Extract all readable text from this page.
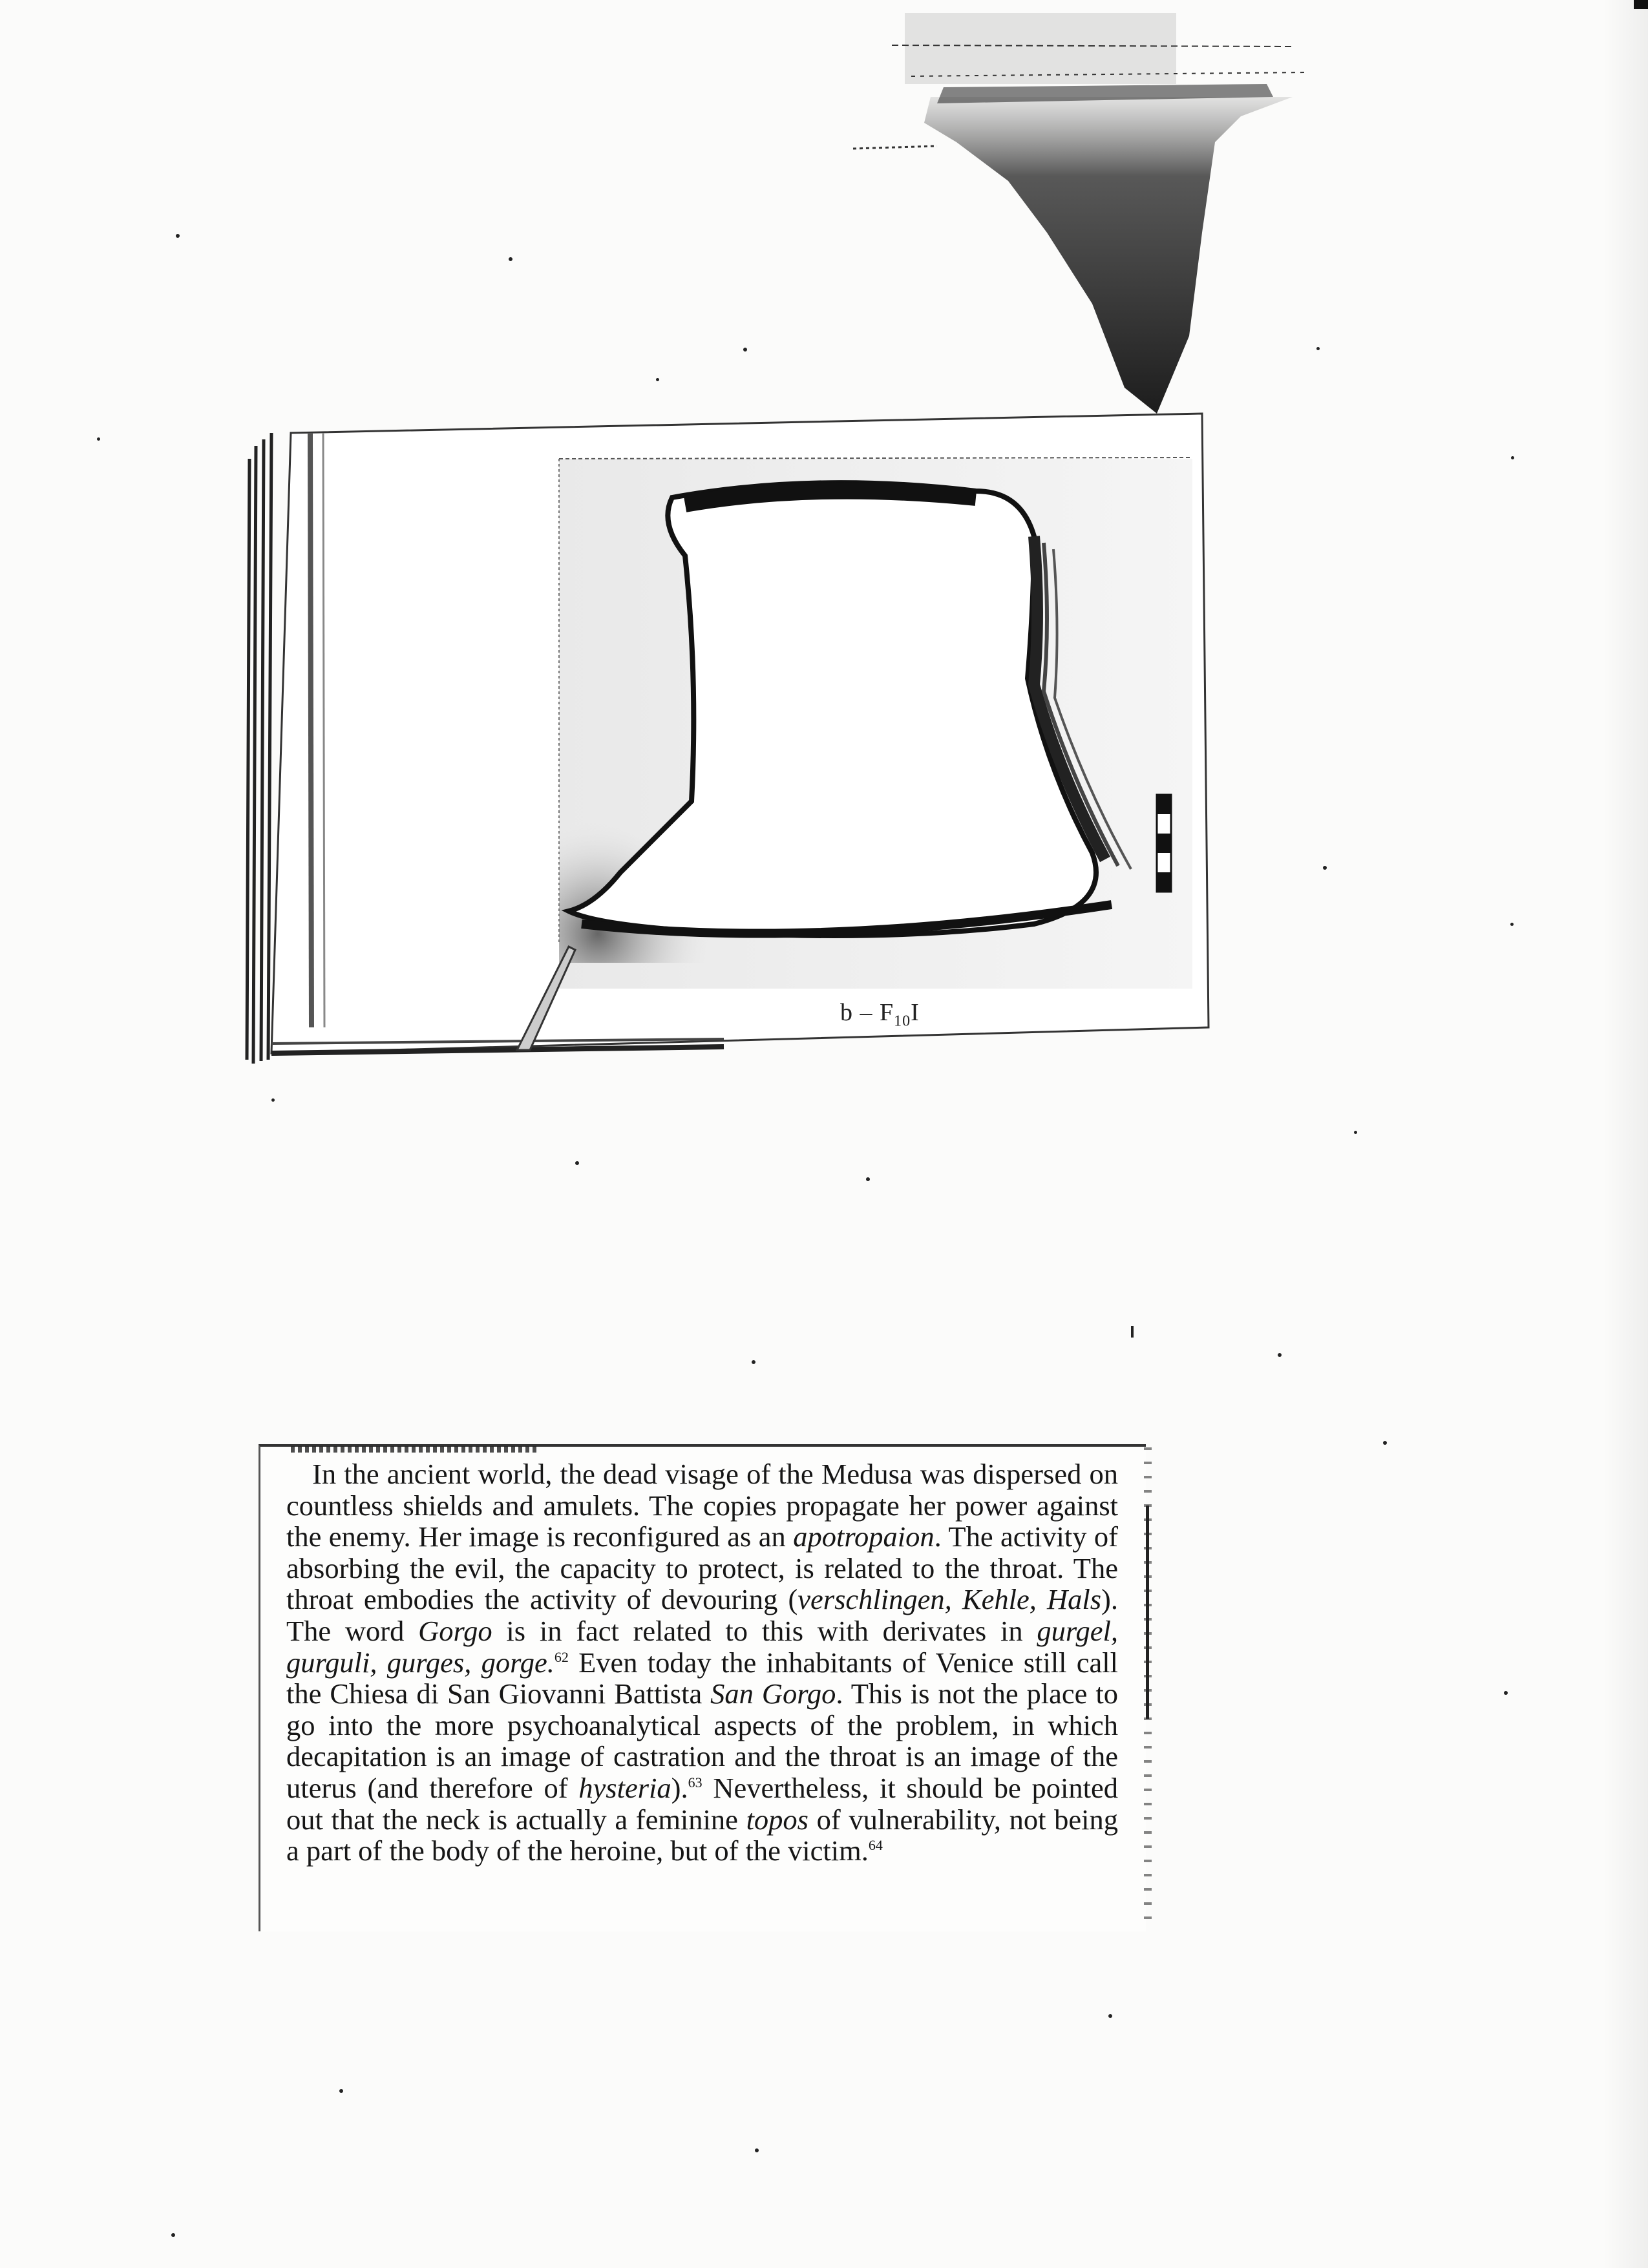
b – $F_{10}I$

In the ancient world, the dead visage of the Medusa was dispersed on countless shields and amulets. The copies propagate her power against the enemy. Her image is reconfigured as an apotropaion. The activity of absorbing the evil, the capacity to protect, is related to the throat. The throat embodies the activity of devouring (verschlingen, Kehle, Hals). The word Gorgo is in fact related to this with derivates in gurgel, gurguli, gurges, gorge.$^{62}$ Even today the inhabitants of Venice still call the Chiesa di San Giovanni Battista San Gorgo. This is not the place to go into the more psychoanalytical aspects of the problem, in which decapitation is an image of castration and the throat is an image of the uterus (and therefore of hysteria).$^{63}$ Nevertheless, it should be pointed out that the neck is actually a feminine topos of vulnerability, not being a part of the body of the heroine, but of the victim.$^{64}$
